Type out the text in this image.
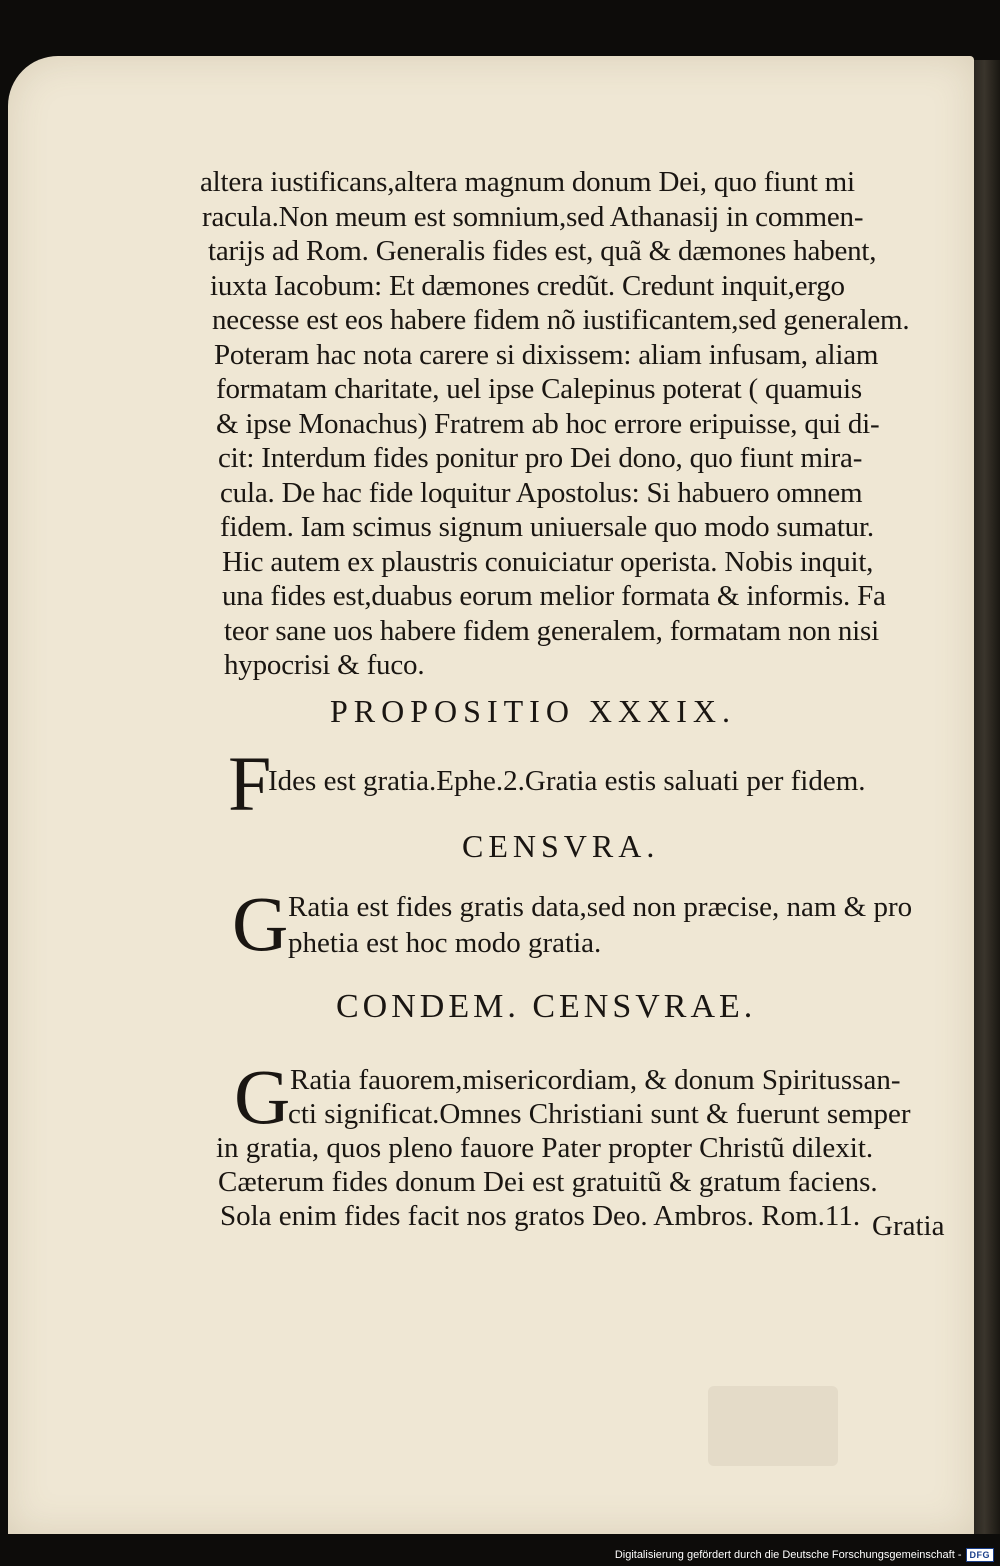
altera iustificans,altera magnum donum Dei, quo fiunt mi
racula.Non meum est somnium,sed Athanasij in commen-
tarijs ad Rom. Generalis fides est, quã & dæmones habent,
iuxta Iacobum: Et dæmones credũt. Credunt inquit,ergo
necesse est eos habere fidem nõ iustificantem,sed generalem.
Poteram hac nota carere si dixissem: aliam infusam, aliam
formatam charitate, uel ipse Calepinus poterat ( quamuis
& ipse Monachus) Fratrem ab hoc errore eripuisse, qui di-
cit: Interdum fides ponitur pro Dei dono, quo fiunt mira-
cula. De hac fide loquitur Apostolus: Si habuero omnem
fidem. Iam scimus signum uniuersale quo modo sumatur.
Hic autem ex plaustris conuiciatur operista. Nobis inquit,
una fides est,duabus eorum melior formata & informis. Fa
teor sane uos habere fidem generalem, formatam non nisi
hypocrisi & fuco.
PROPOSITIO XXXIX.
F
Ides est gratia.Ephe.2.Gratia estis saluati per fidem.
CENSVRA.
G Ratia est fides gratis data,sed non præcise, nam & pro
phetia est hoc modo gratia.
CONDEM. CENSVRAE.
G Ratia fauorem,misericordiam, & donum Spiritussan-
cti significat.Omnes Christiani sunt & fuerunt semper
in gratia, quos pleno fauore Pater propter Christũ dilexit.
Cæterum fides donum Dei est gratuitũ & gratum faciens.
Sola enim fides facit nos gratos Deo. Ambros. Rom.11. Gratia
Digitalisierung gefördert durch die Deutsche Forschungsgemeinschaft - DFG
